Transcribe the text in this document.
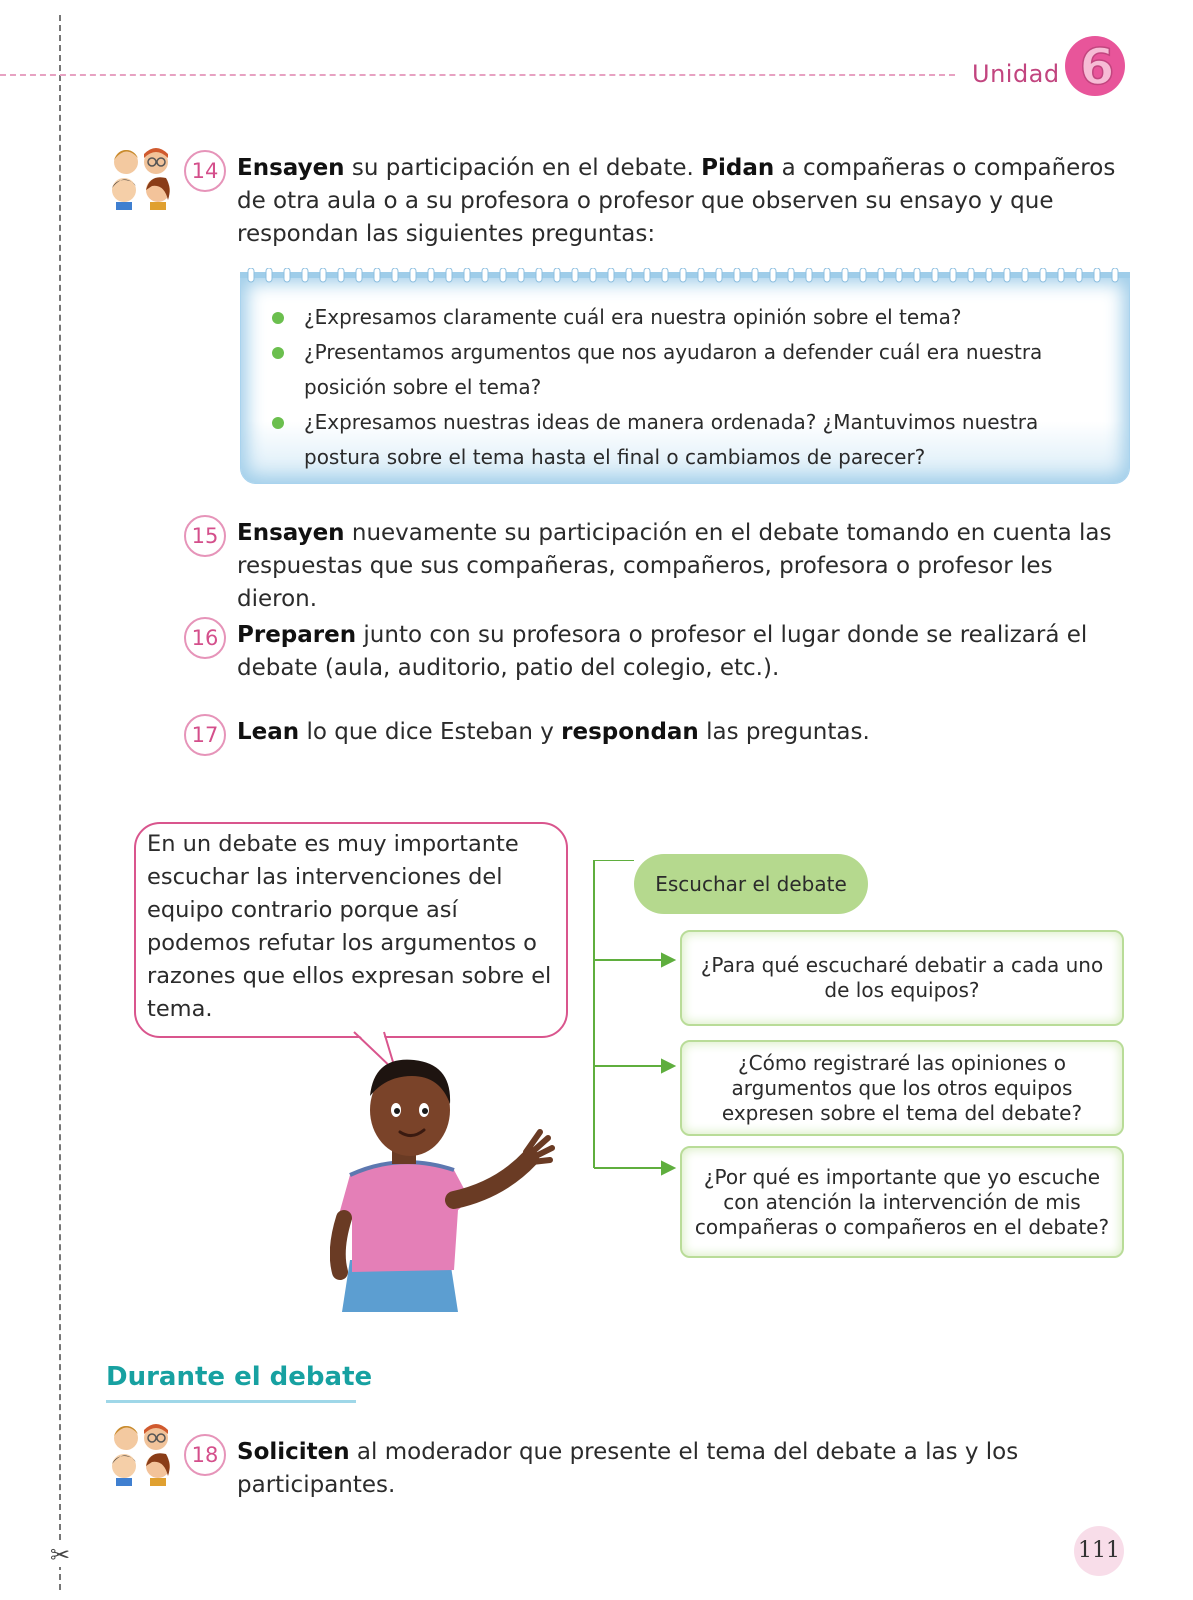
✂
Unidad 6
14 Ensayen su participación en el debate. Pidan a compañeras o compañeros de otra aula o a su profesora o profesor que observen su ensayo y que respondan las siguientes preguntas:
¿Expresamos claramente cuál era nuestra opinión sobre el tema?
¿Presentamos argumentos que nos ayudaron a defender cuál era nuestra posición sobre el tema?
¿Expresamos nuestras ideas de manera ordenada? ¿Mantuvimos nuestra postura sobre el tema hasta el final o cambiamos de parecer?
15 Ensayen nuevamente su participación en el debate tomando en cuenta las respuestas que sus compañeras, compañeros, profesora o profesor les dieron.
16 Preparen junto con su profesora o profesor el lugar donde se realizará el debate (aula, auditorio, patio del colegio, etc.).
17 Lean lo que dice Esteban y respondan las preguntas.
En un debate es muy importante escuchar las intervenciones del equipo contrario porque así podemos refutar los argumentos o razones que ellos expresan sobre el tema.
Escuchar el debate
¿Para qué escucharé debatir a cada uno de los equipos?
¿Cómo registraré las opiniones o argumentos que los otros equipos expresen sobre el tema del debate?
¿Por qué es importante que yo escuche con atención la intervención de mis compañeras o compañeros en el debate?
Durante el debate
18 Soliciten al moderador que presente el tema del debate a las y los participantes.
111
